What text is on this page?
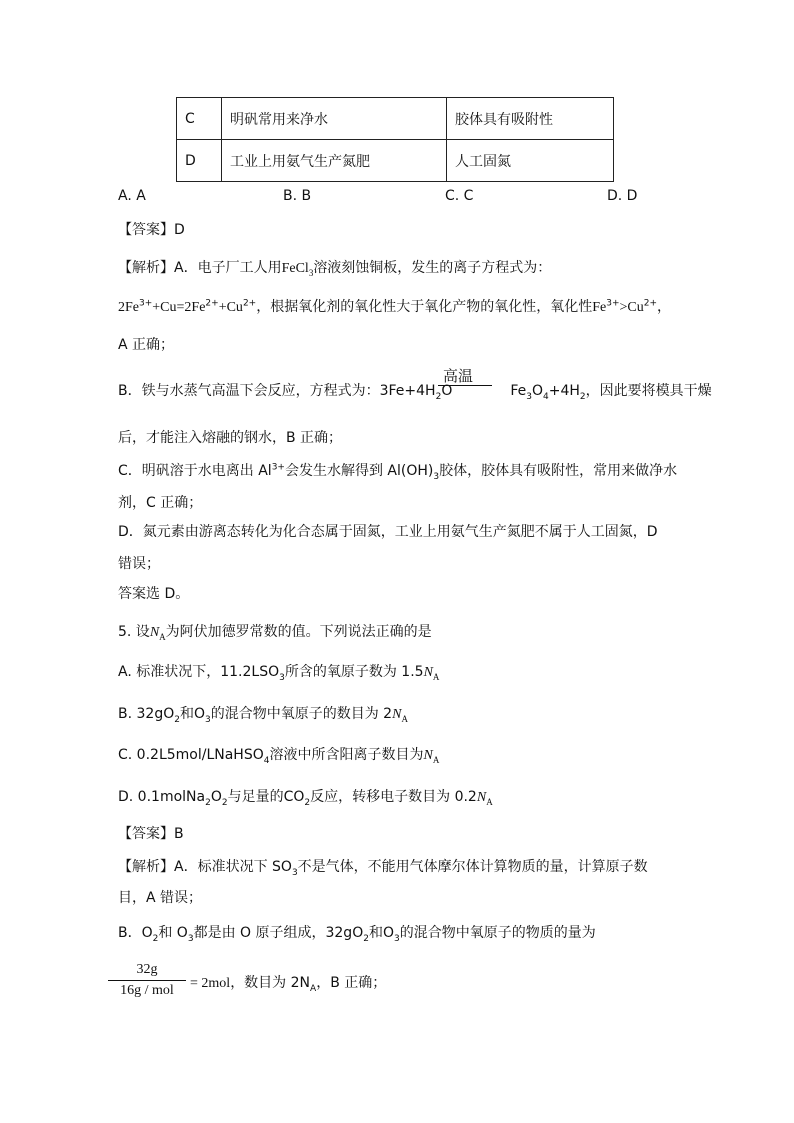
C	明矾常用来净水	胶体具有吸附性
D	工业上用氨气生产氮肥	人工固氮
A. A	B. B	C. C	D. D
【答案】D
【解析】A．电子厂工人用FeCl$_3$溶液刻蚀铜板，发生的离子方程式为：
$2Fe^{3+}+Cu=2Fe^{2+}+Cu^{2+}$，根据氧化剂的氧化性大于氧化产物的氧化性，氧化性$Fe^{3+}>Cu^{2+}$，
A 正确；
高温
B．铁与水蒸气高温下会反应，方程式为：$3Fe+4H_2O$	$Fe_3O_4+4H_2$，因此要将模具干燥
后，才能注入熔融的钢水，B 正确；
C．明矾溶于水电离出 $Al^{3+}$会发生水解得到 $Al(OH)_3$胶体，胶体具有吸附性，常用来做净水
剂，C 正确；
D．氮元素由游离态转化为化合态属于固氮，工业上用氨气生产氮肥不属于人工固氮，D
错误；
答案选 D。
5. 设$N_A$为阿伏加德罗常数的值。下列说法正确的是
A. 标准状况下，$11.2LSO_3$所含的氧原子数为 $1.5N_A$
B. $32gO_2$和$O_3$的混合物中氧原子的数目为 $2N_A$
C. 0.2L5mol/LNaHSO$_4$溶液中所含阳离子数目为$N_A$
D. $0.1molNa_2O_2$与足量的$CO_2$反应，转移电子数目为 $0.2N_A$
【答案】B
【解析】A．标准状况下 $SO_3$不是气体，不能用气体摩尔体计算物质的量，计算原子数
目，A 错误；
B．$O_2$和 $O_3$都是由 O 原子组成，$32gO_2$和$O_3$的混合物中氧原子的物质的量为
32g
16g / mol	= 2mol，数目为 $2N_A$，B 正确；
